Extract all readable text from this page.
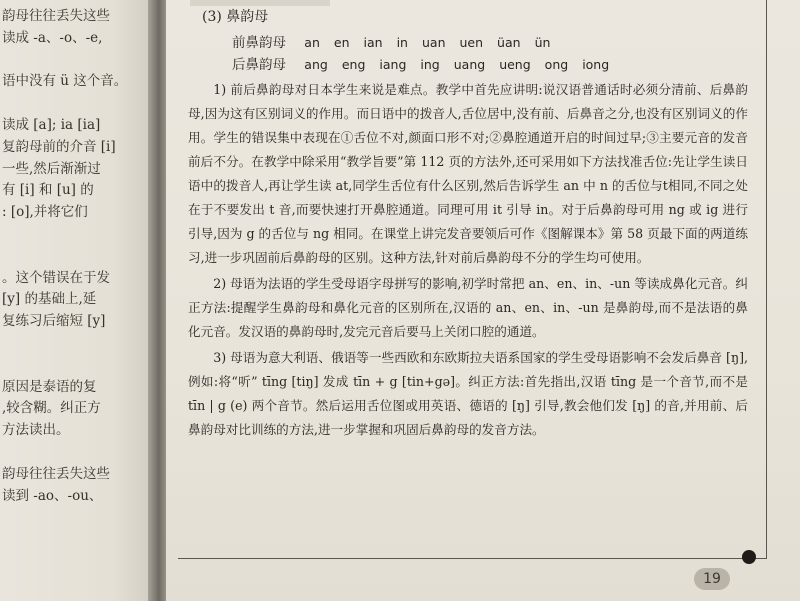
韵母往往丢失这些
读成 -a、-o、-e,
语中没有 ü 这个音。
读成 [a]; ia [ia]
复韵母前的介音 [i]
一些,然后渐渐过
有 [i] 和 [u] 的
: [o],并将它们
。这个错误在于发
[y] 的基础上,延
复练习后缩短 [y]
原因是泰语的复
,较含糊。纠正方
方法读出。
韵母往往丢失这些
读到 -ao、-ou、
(3) 鼻韵母
前鼻韵母 an en ian in uan uen üan ün
后鼻韵母 ang eng iang ing uang ueng ong iong

1) 前后鼻韵母对日本学生来说是难点。教学中首先应讲明:说汉语普通话时必须分清前、后鼻韵母,因为这有区别词义的作用。而日语中的拨音人,舌位居中,没有前、后鼻音之分,也没有区别词义的作用。学生的错误集中表现在①舌位不对,颜面口形不对;②鼻腔通道开启的时间过早;③主要元音的发音前后不分。在教学中除采用“教学旨要”第 112 页的方法外,还可采用如下方法找准舌位:先让学生读日语中的拨音人,再让学生读 at,同学生舌位有什么区别,然后告诉学生 an 中 n 的舌位与t相同,不同之处在于不要发出 t 音,而要快速打开鼻腔通道。同理可用 it 引导 in。对于后鼻韵母可用 ng 或 ig 进行引导,因为 g 的舌位与 ng 相同。在课堂上讲完发音要领后可作《图解课本》第 58 页最下面的两道练习,进一步巩固前后鼻韵母的区别。这种方法,针对前后鼻韵母不分的学生均可使用。

2) 母语为法语的学生受母语字母拼写的影响,初学时常把 an、en、in、-un 等读成鼻化元音。纠正方法:提醒学生鼻韵母和鼻化元音的区别所在,汉语的 an、en、in、-un 是鼻韵母,而不是法语的鼻化元音。发汉语的鼻韵母时,发完元音后要马上关闭口腔的通道。

3) 母语为意大利语、俄语等一些西欧和东欧斯拉夫语系国家的学生受母语影响不会发后鼻音 [ŋ],例如:将“听” tīng [tiŋ] 发成 tīn + g [tin+gə]。纠正方法:首先指出,汉语 tīng 是一个音节,而不是 tīn | g (e) 两个音节。然后运用舌位图或用英语、德语的 [ŋ] 引导,教会他们发 [ŋ] 的音,并用前、后鼻韵母对比训练的方法,进一步掌握和巩固后鼻韵母的发音方法。

19
